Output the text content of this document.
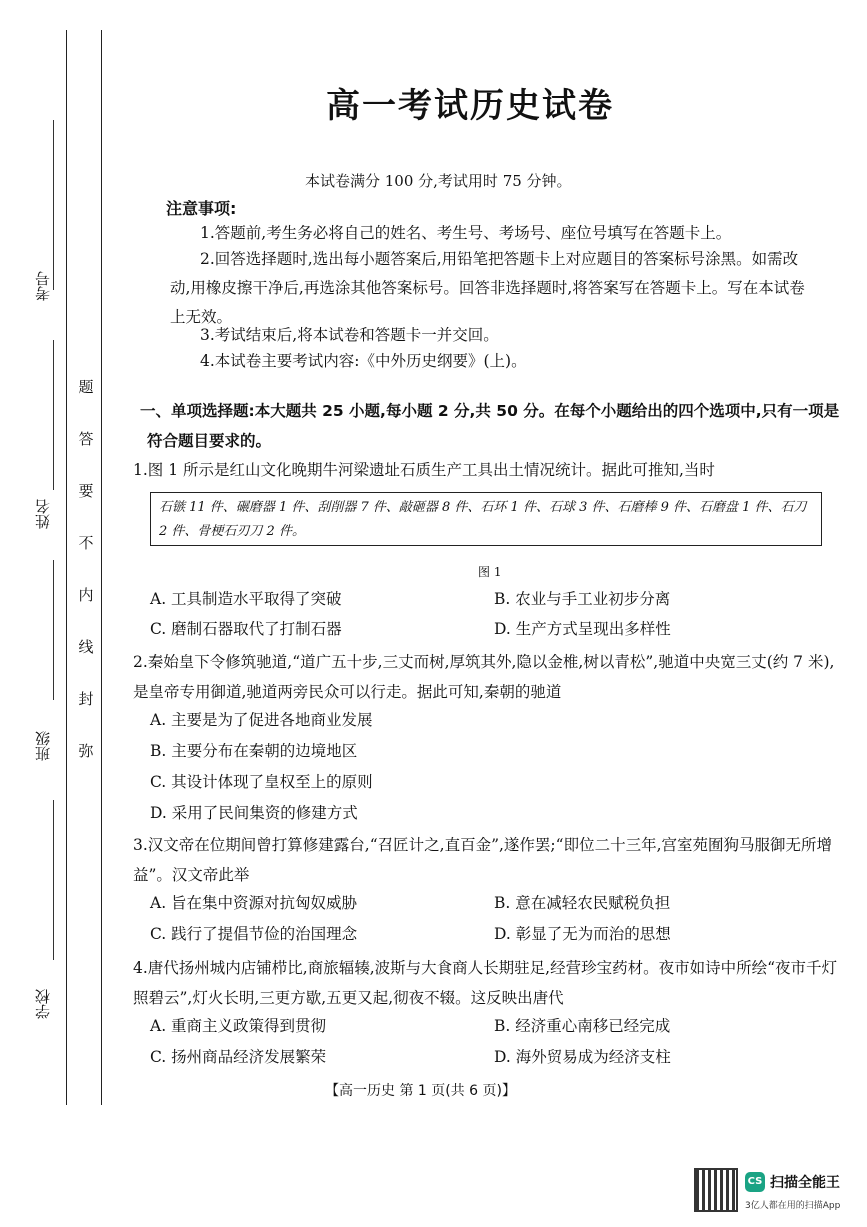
考号
姓名
班级
学校
题
答
要
不
内
线
封
弥
高一考试历史试卷
本试卷满分 100 分,考试用时 75 分钟。
注意事项:
1.答题前,考生务必将自己的姓名、考生号、考场号、座位号填写在答题卡上。
2.回答选择题时,选出每小题答案后,用铅笔把答题卡上对应题目的答案标号涂黑。如需改动,用橡皮擦干净后,再选涂其他答案标号。回答非选择题时,将答案写在答题卡上。写在本试卷上无效。
3.考试结束后,将本试卷和答题卡一并交回。
4.本试卷主要考试内容:《中外历史纲要》(上)。
一、单项选择题:本大题共 25 小题,每小题 2 分,共 50 分。在每个小题给出的四个选项中,只有一项是符合题目要求的。
1.图 1 所示是红山文化晚期牛河梁遗址石质生产工具出土情况统计。据此可推知,当时
石镞 11 件、碾磨器 1 件、刮削器 7 件、敲砸器 8 件、石环 1 件、石球 3 件、石磨棒 9 件、石磨盘 1 件、石刀 2 件、骨梗石刃刀 2 件。
图 1
A. 工具制造水平取得了突破	B. 农业与手工业初步分离
C. 磨制石器取代了打制石器	D. 生产方式呈现出多样性
2.秦始皇下令修筑驰道,“道广五十步,三丈而树,厚筑其外,隐以金椎,树以青松”,驰道中央宽三丈(约 7 米),是皇帝专用御道,驰道两旁民众可以行走。据此可知,秦朝的驰道
A. 主要是为了促进各地商业发展
B. 主要分布在秦朝的边境地区
C. 其设计体现了皇权至上的原则
D. 采用了民间集资的修建方式
3.汉文帝在位期间曾打算修建露台,“召匠计之,直百金”,遂作罢;“即位二十三年,宫室苑囿狗马服御无所增益”。汉文帝此举
A. 旨在集中资源对抗匈奴威胁	B. 意在减轻农民赋税负担
C. 践行了提倡节俭的治国理念	D. 彰显了无为而治的思想
4.唐代扬州城内店铺栉比,商旅辐辏,波斯与大食商人长期驻足,经营珍宝药材。夜市如诗中所绘“夜市千灯照碧云”,灯火长明,三更方歇,五更又起,彻夜不辍。这反映出唐代
A. 重商主义政策得到贯彻	B. 经济重心南移已经完成
C. 扬州商品经济发展繁荣	D. 海外贸易成为经济支柱
【高一历史 第 1 页(共 6 页)】
CS 扫描全能王
3亿人都在用的扫描App
